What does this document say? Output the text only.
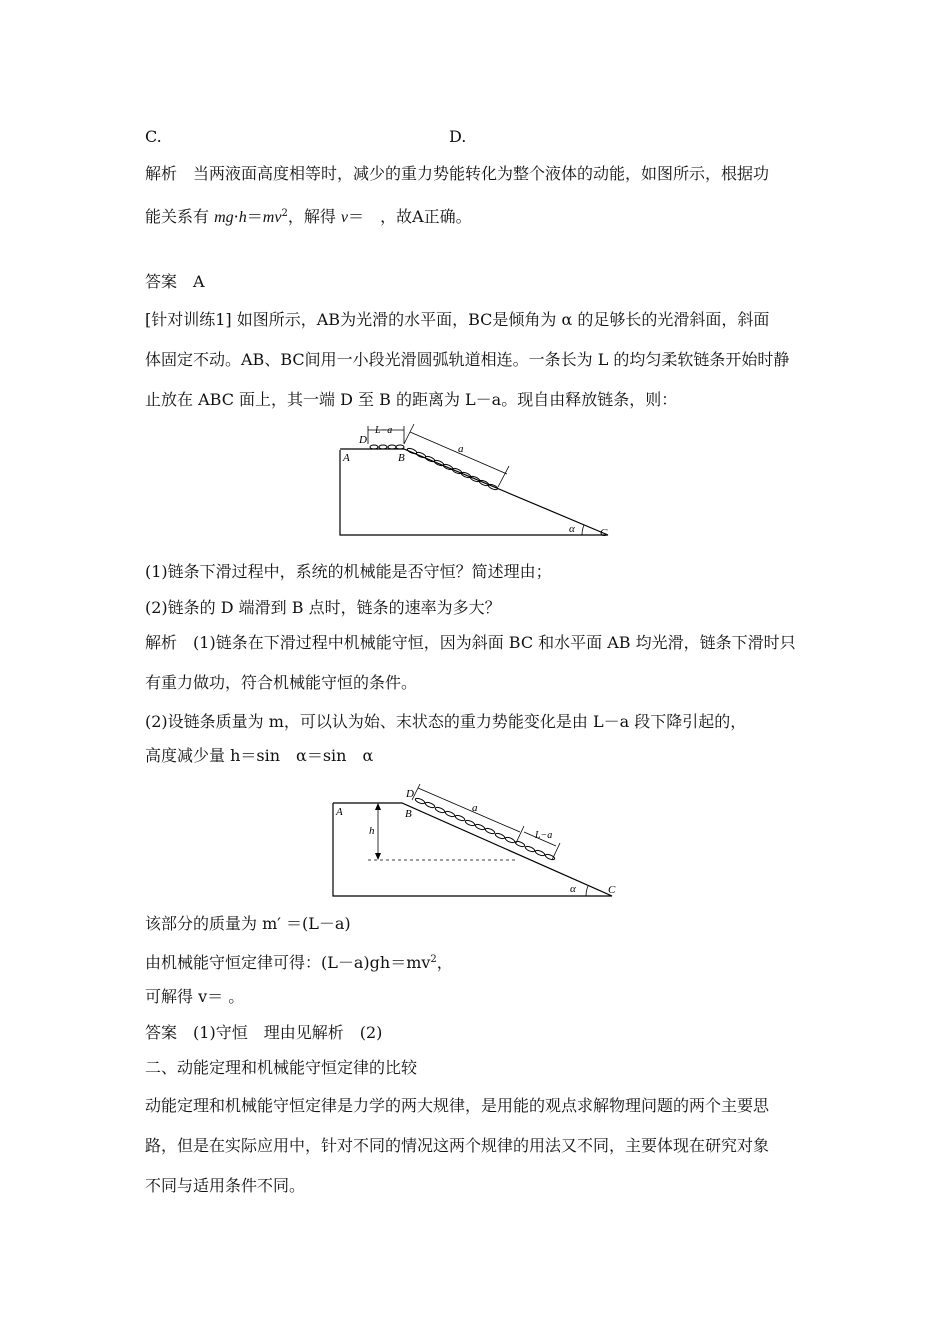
C.	D.
解析　 当两液面高度相等时，减少的重力势能转化为整个液体的动能，如图所示，根据功
能关系有 $mg\cdot h=mv^2$，解得 v＝　 ，故A正确。
答案　 A
[针对训练1] 如图所示，AB为光滑的水平面，BC是倾角为 α 的足够长的光滑斜面，斜面
体固定不动。AB、BC间用一小段光滑圆弧轨道相连。一条长为 L 的均匀柔软链条开始时静
止放在 ABC 面上，其一端 D 至 B 的距离为 L－a。现自由释放链条，则：
D
L−a
A	B
a
α C
(1)链条下滑过程中，系统的机械能是否守恒？简述理由；
(2)链条的 D 端滑到 B 点时，链条的速率为多大？
解析　 (1)链条在下滑过程中机械能守恒，因为斜面 BC 和水平面 AB 均光滑，链条下滑时只
有重力做功，符合机械能守恒的条件。
(2)设链条质量为 m，可以认为始、末状态的重力势能变化是由 L－a 段下降引起的，
高度减少量 h＝sin　α＝sin　α
A
D
B
h
a
L−a
α	C
该部分的质量为 m′ ＝(L－a)
由机械能守恒定律可得：$(L-a)gh=mv^2$，
可解得 v＝ 。
答案　 (1)守恒　理由见解析　(2)
二、动能定理和机械能守恒定律的比较
动能定理和机械能守恒定律是力学的两大规律，是用能的观点求解物理问题的两个主要思
路，但是在实际应用中，针对不同的情况这两个规律的用法又不同，主要体现在研究对象
不同与适用条件不同。
